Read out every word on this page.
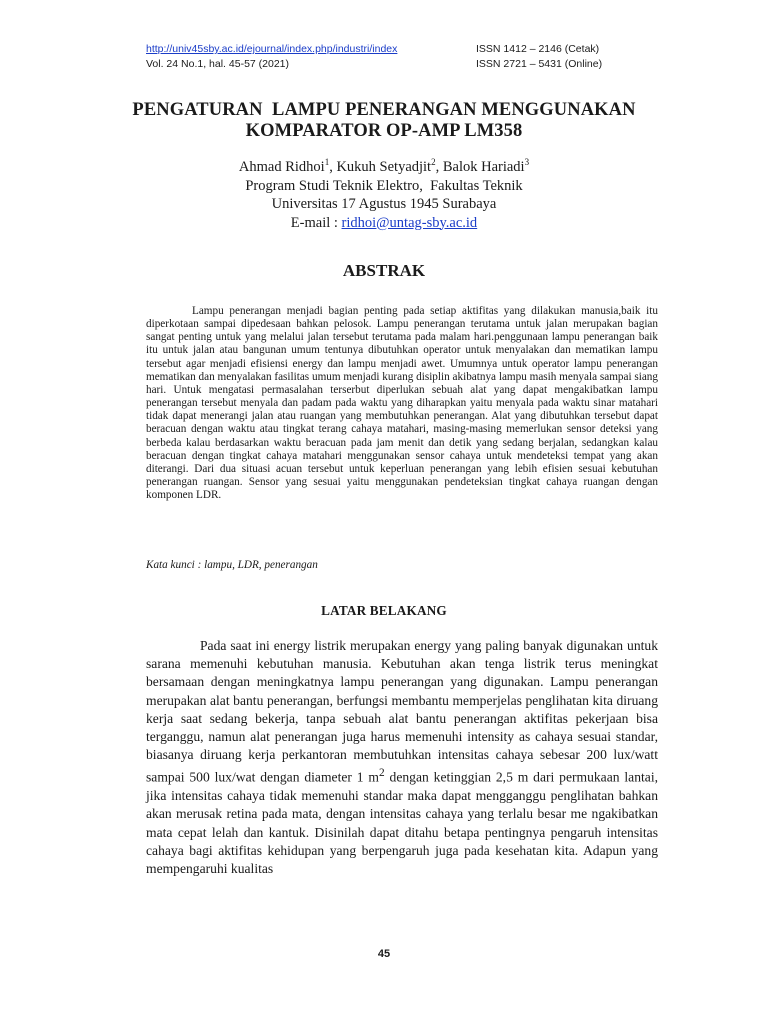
http://univ45sby.ac.id/ejournal/index.php/industri/index	ISSN 1412 – 2146 (Cetak)
Vol. 24 No.1, hal. 45-57 (2021)	ISSN 2721 – 5431 (Online)
PENGATURAN  LAMPU PENERANGAN MENGGUNAKAN
KOMPARATOR OP-AMP LM358
Ahmad Ridhoi$^1$, Kukuh Setyadjit$^2$, Balok Hariadi$^3$
Program Studi Teknik Elektro,  Fakultas Teknik
Universitas 17 Agustus 1945 Surabaya
E-mail : ridhoi@untag-sby.ac.id
ABSTRAK
Lampu penerangan menjadi bagian penting pada setiap aktifitas yang dilakukan manusia,baik itu diperkotaan sampai dipedesaan bahkan pelosok. Lampu penerangan terutama untuk jalan merupakan bagian sangat penting untuk yang melalui jalan tersebut terutama pada malam hari.penggunaan lampu penerangan baik itu untuk jalan atau bangunan umum tentunya dibutuhkan operator untuk menyalakan dan mematikan lampu tersebut agar menjadi efisiensi energy dan lampu menjadi awet. Umumnya untuk operator lampu penerangan mematikan dan menyalakan fasilitas umum menjadi kurang disiplin akibatnya lampu masih menyala sampai siang hari. Untuk mengatasi permasalahan terserbut diperlukan sebuah alat yang dapat mengakibatkan lampu penerangan tersebut menyala dan padam pada waktu yang diharapkan yaitu menyala pada waktu sinar matahari tidak dapat menerangi jalan atau ruangan yang membutuhkan penerangan. Alat yang dibutuhkan tersebut dapat beracuan dengan waktu atau tingkat terang cahaya matahari, masing-masing memerlukan sensor deteksi yang berbeda kalau berdasarkan waktu beracuan pada jam menit dan detik yang sedang berjalan, sedangkan kalau beracuan dengan tingkat cahaya matahari menggunakan sensor cahaya untuk mendeteksi tempat yang akan diterangi. Dari dua situasi acuan tersebut untuk keperluan penerangan yang lebih efisien sesuai kebutuhan penerangan ruangan. Sensor yang sesuai yaitu menggunakan pendeteksian tingkat cahaya ruangan dengan komponen LDR.
Kata kunci : lampu, LDR, penerangan
LATAR BELAKANG
Pada saat ini energy listrik merupakan energy yang paling banyak digunakan untuk sarana memenuhi kebutuhan manusia. Kebutuhan akan tenga listrik terus meningkat bersamaan dengan meningkatnya lampu penerangan yang digunakan. Lampu penerangan merupakan alat bantu penerangan, berfungsi membantu memperjelas penglihatan kita diruang kerja saat sedang bekerja, tanpa sebuah alat bantu penerangan aktifitas pekerjaan bisa terganggu, namun alat penerangan juga harus memenuhi intensity as cahaya sesuai standar, biasanya diruang kerja perkantoran membutuhkan intensitas cahaya sebesar 200 lux/watt sampai 500 lux/wat dengan diameter 1 $m^2$ dengan ketinggian 2,5 m dari permukaan lantai, jika intensitas cahaya tidak memenuhi standar maka dapat mengganggu penglihatan bahkan akan merusak retina pada mata, dengan intensitas cahaya yang terlalu besar me ngakibatkan mata cepat lelah dan kantuk. Disinilah dapat ditahu betapa pentingnya pengaruh intensitas cahaya bagi aktifitas kehidupan yang berpengaruh juga pada kesehatan kita. Adapun yang mempengaruhi kualitas
45
